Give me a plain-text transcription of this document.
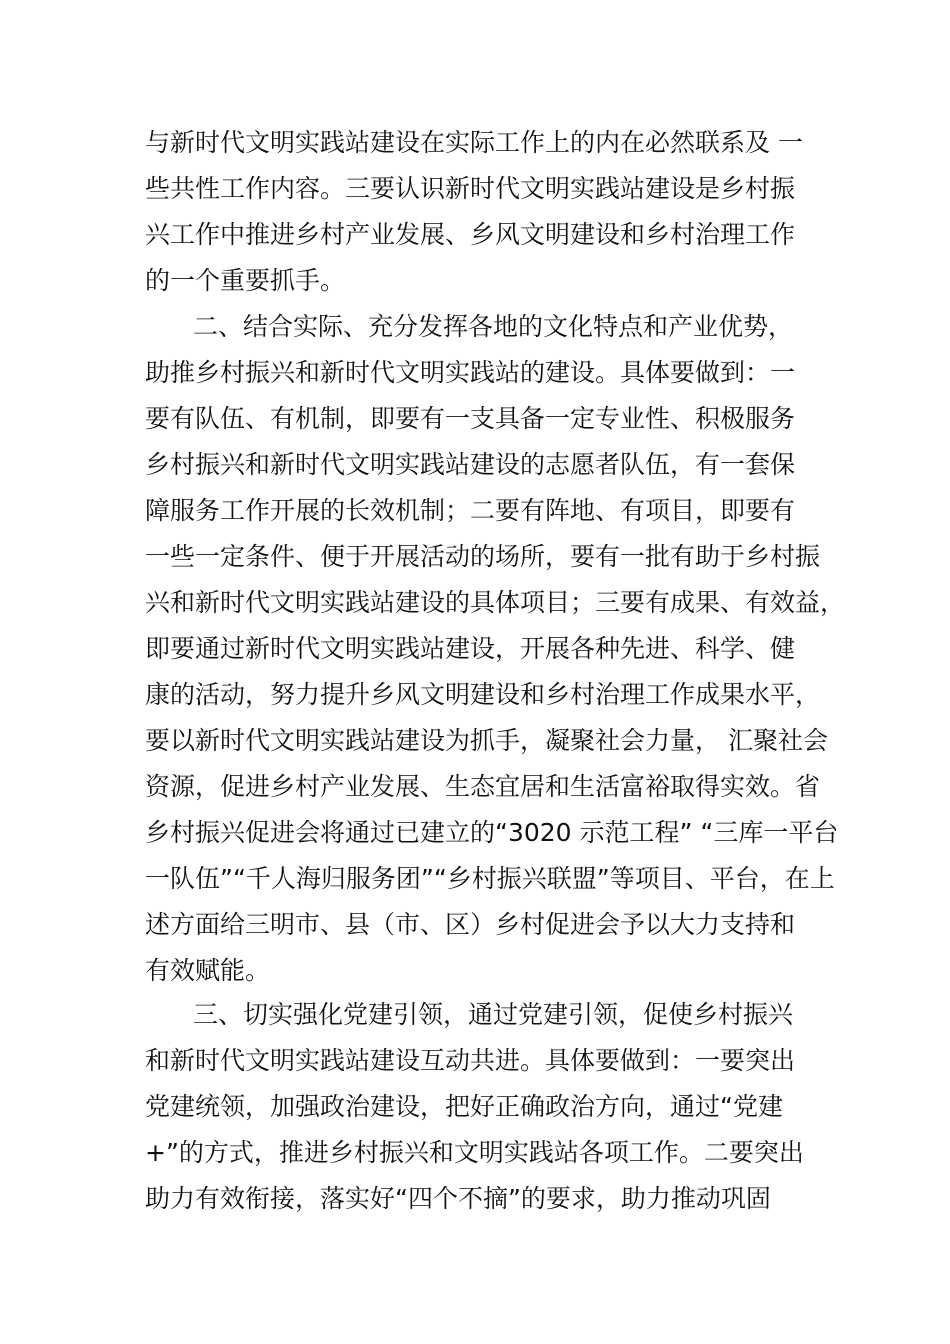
与新时代文明实践站建设在实际工作上的内在必然联系及 一
些共性工作内容。三要认识新时代文明实践站建设是乡村振
兴工作中推进乡村产业发展、乡风文明建设和乡村治理工作
的一个重要抓手。
二、结合实际、充分发挥各地的文化特点和产业优势，
助推乡村振兴和新时代文明实践站的建设。具体要做到：一
要有队伍、有机制，即要有一支具备一定专业性、积极服务
乡村振兴和新时代文明实践站建设的志愿者队伍，有一套保
障服务工作开展的长效机制；二要有阵地、有项目，即要有
一些一定条件、便于开展活动的场所，要有一批有助于乡村振
兴和新时代文明实践站建设的具体项目；三要有成果、有效益，
即要通过新时代文明实践站建设，开展各种先进、科学、健
康的活动，努力提升乡风文明建设和乡村治理工作成果水平，
要以新时代文明实践站建设为抓手，凝聚社会力量， 汇聚社会
资源，促进乡村产业发展、生态宜居和生活富裕取得实效。省
乡村振兴促进会将通过已建立的“3020 示范工程” “三库一平台
一队伍”“千人海归服务团”“乡村振兴联盟”等项目、平台，在上
述方面给三明市、县（市、区）乡村促进会予以大力支持和
有效赋能。
三、切实强化党建引领，通过党建引领，促使乡村振兴
和新时代文明实践站建设互动共进。具体要做到：一要突出
党建统领，加强政治建设，把好正确政治方向，通过“党建
+”的方式，推进乡村振兴和文明实践站各项工作。二要突出
助力有效衔接，落实好“四个不摘”的要求，助力推动巩固
